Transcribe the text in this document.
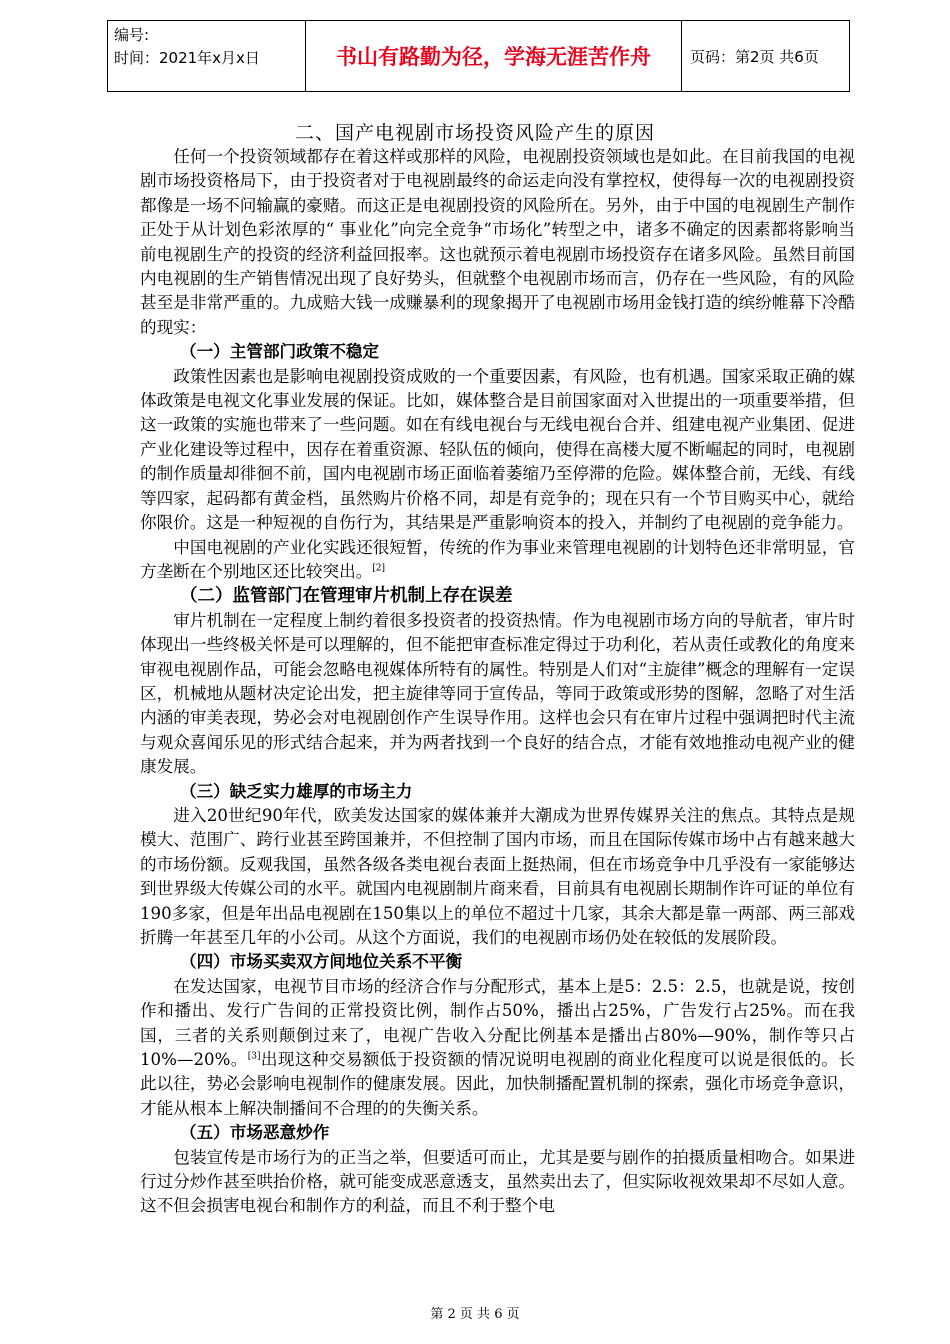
编号:
时间：2021年x月x日	书山有路勤为径，学海无涯苦作舟	页码：第2页 共6页
二、国产电视剧市场投资风险产生的原因

任何一个投资领域都存在着这样或那样的风险，电视剧投资领域也是如此。在目前我国的电视剧市场投资格局下，由于投资者对于电视剧最终的命运走向没有掌控权，使得每一次的电视剧投资都像是一场不问输赢的豪赌。而这正是电视剧投资的风险所在。另外，由于中国的电视剧生产制作正处于从计划色彩浓厚的“ 事业化”向完全竞争“市场化”转型之中，诸多不确定的因素都将影响当前电视剧生产的投资的经济利益回报率。这也就预示着电视剧市场投资存在诸多风险。虽然目前国内电视剧的生产销售情况出现了良好势头，但就整个电视剧市场而言，仍存在一些风险，有的风险甚至是非常严重的。九成赔大钱一成赚暴利的现象揭开了电视剧市场用金钱打造的缤纷帷幕下冷酷的现实：

（一）主管部门政策不稳定

政策性因素也是影响电视剧投资成败的一个重要因素，有风险，也有机遇。国家采取正确的媒体政策是电视文化事业发展的保证。比如，媒体整合是目前国家面对入世提出的一项重要举措，但这一政策的实施也带来了一些问题。如在有线电视台与无线电视台合并、组建电视产业集团、促进产业化建设等过程中，因存在着重资源、轻队伍的倾向，使得在高楼大厦不断崛起的同时，电视剧的制作质量却徘徊不前，国内电视剧市场正面临着萎缩乃至停滞的危险。媒体整合前，无线、有线等四家，起码都有黄金档，虽然购片价格不同，却是有竞争的；现在只有一个节目购买中心，就给你限价。这是一种短视的自伤行为，其结果是严重影响资本的投入，并制约了电视剧的竞争能力。

中国电视剧的产业化实践还很短暂，传统的作为事业来管理电视剧的计划特色还非常明显，官方垄断在个别地区还比较突出。[2]

（二）监管部门在管理审片机制上存在误差

审片机制在一定程度上制约着很多投资者的投资热情。作为电视剧市场方向的导航者，审片时体现出一些终极关怀是可以理解的，但不能把审查标准定得过于功利化，若从责任或教化的角度来审视电视剧作品，可能会忽略电视媒体所特有的属性。特别是人们对“主旋律”概念的理解有一定误区，机械地从题材决定论出发，把主旋律等同于宣传品，等同于政策或形势的图解，忽略了对生活内涵的审美表现，势必会对电视剧创作产生误导作用。这样也会只有在审片过程中强调把时代主流与观众喜闻乐见的形式结合起来，并为两者找到一个良好的结合点，才能有效地推动电视产业的健康发展。

（三）缺乏实力雄厚的市场主力

进入20世纪90年代，欧美发达国家的媒体兼并大潮成为世界传媒界关注的焦点。其特点是规模大、范围广、跨行业甚至跨国兼并，不但控制了国内市场，而且在国际传媒市场中占有越来越大的市场份额。反观我国，虽然各级各类电视台表面上挺热闹，但在市场竞争中几乎没有一家能够达到世界级大传媒公司的水平。就国内电视剧制片商来看，目前具有电视剧长期制作许可证的单位有190多家，但是年出品电视剧在150集以上的单位不超过十几家，其余大都是靠一两部、两三部戏折腾一年甚至几年的小公司。从这个方面说，我们的电视剧市场仍处在较低的发展阶段。

（四）市场买卖双方间地位关系不平衡

在发达国家，电视节目市场的经济合作与分配形式，基本上是5：2.5：2.5，也就是说，按创作和播出、发行广告间的正常投资比例，制作占50%，播出占25%，广告发行占25%。而在我国，三者的关系则颠倒过来了，电视广告收入分配比例基本是播出占80%—90%，制作等只占10%—20%。[3]出现这种交易额低于投资额的情况说明电视剧的商业化程度可以说是很低的。长此以往，势必会影响电视制作的健康发展。因此，加快制播配置机制的探索，强化市场竞争意识，才能从根本上解决制播间不合理的的失衡关系。

（五）市场恶意炒作

包装宣传是市场行为的正当之举，但要适可而止，尤其是要与剧作的拍摄质量相吻合。如果进行过分炒作甚至哄抬价格，就可能变成恶意透支，虽然卖出去了，但实际收视效果却不尽如人意。这不但会损害电视台和制作方的利益，而且不利于整个电

第 2 页 共 6 页
